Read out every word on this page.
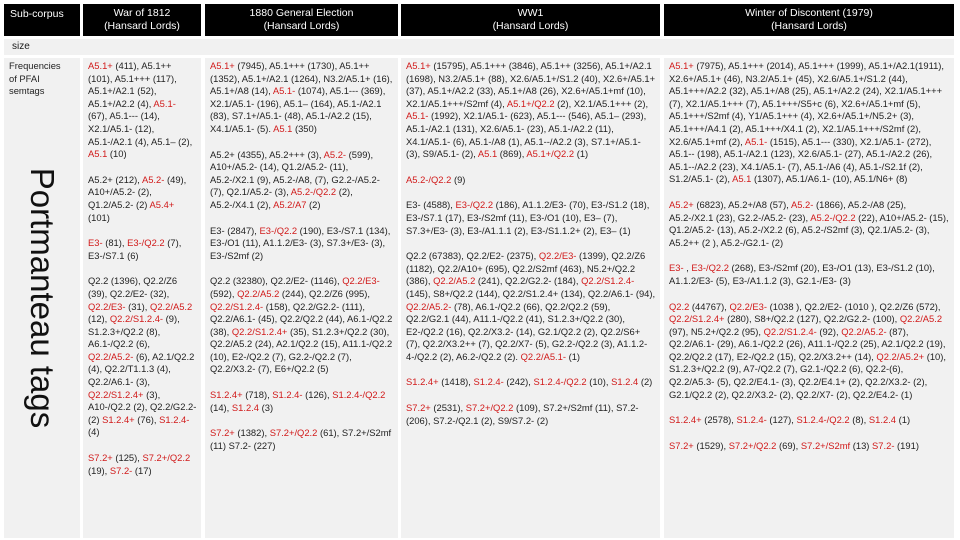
Sub-corpus	War of 1812
(Hansard Lords)
1880 General Election
(Hansard Lords)
WW1
(Hansard Lords)
Winter of Discontent (1979)
(Hansard Lords)
size
Frequencies of PFAI semtags
Portmanteau tags
A5.1+ (411), A5.1++ (101), A5.1+++ (117), A5.1+/A2.1 (52), A5.1+/A2.2 (4), A5.1- (67), A5.1--- (14), X2.1/A5.1- (12), A5.1-/A2.1 (4), A5.1– (2), A5.1 (10)
A5.2+ (212), A5.2- (49), A10+/A5.2- (2), Q1.2/A5.2- (2) A5.4+ (101)
E3- (81), E3-/Q2.2 (7), E3-/S7.1 (6)
Q2.2 (1396), Q2.2/Z6 (39), Q2.2/E2- (32), Q2.2/E3- (31), Q2.2/A5.2 (12), Q2.2/S1.2.4- (9), S1.2.3+/Q2.2 (8), A6.1-/Q2.2 (6), Q2.2/A5.2- (6), A2.1/Q2.2 (4), Q2.2/T1.1.3 (4), Q2.2/A6.1- (3), Q2.2/S1.2.4+ (3), A10-/Q2.2 (2), Q2.2/G2.2- (2) S1.2.4+ (76), S1.2.4- (4)
S7.2+ (125), S7.2+/Q2.2 (19), S7.2- (17)
A5.1+ (7945), A5.1+++ (1730), A5.1++ (1352), A5.1+/A2.1 (1264), N3.2/A5.1+ (16), A5.1+/A8 (14), A5.1- (1074), A5.1--- (369), X2.1/A5.1- (196), A5.1– (164), A5.1-/A2.1 (83), S7.1+/A5.1- (48), A5.1-/A2.2 (15), X4.1/A5.1- (5). A5.1 (350)
A5.2+ (4355), A5.2+++ (3), A5.2- (599), A10+/A5.2- (14), Q1.2/A5.2- (11), A5.2-/X2.1 (9), A5.2-/A8, (7), G2.2-/A5.2- (7), Q2.1/A5.2- (3), A5.2-/Q2.2 (2), A5.2-/X4.1 (2), A5.2/A7 (2)
E3- (2847), E3-/Q2.2 (190), E3-/S7.1 (134), E3-/O1 (11), A1.1.2/E3- (3), S7.3+/E3- (3), E3-/S2mf (2)
Q2.2 (32380), Q2.2/E2- (1146), Q2.2/E3- (592), Q2.2/A5.2 (244), Q2.2/Z6 (995), Q2.2/S1.2.4- (158), Q2.2/G2.2- (111), Q2.2/A6.1- (45), Q2.2/Q2.2 (44), A6.1-/Q2.2 (38), Q2.2/S1.2.4+ (35), S1.2.3+/Q2.2 (30), Q2.2/A5.2 (24), A2.1/Q2.2 (15), A11.1-/Q2.2 (10), E2-/Q2.2 (7), G2.2-/Q2.2 (7), Q2.2/X3.2- (7), E6+/Q2.2 (5)
S1.2.4+ (718), S1.2.4- (126), S1.2.4-/Q2.2 (14), S1.2.4 (3)
S7.2+ (1382), S7.2+/Q2.2 (61), S7.2+/S2mf (11) S7.2- (227)
A5.1+ (15795), A5.1+++ (3846), A5.1++ (3256), A5.1+/A2.1 (1698), N3.2/A5.1+ (88), X2.6/A5.1+/S1.2 (40), X2.6+/A5.1+ (37), A5.1+/A2.2 (33), A5.1+/A8 (26), X2.6+/A5.1+mf (10), X2.1/A5.1+++/S2mf (4), A5.1+/Q2.2 (2), X2.1/A5.1+++ (2), A5.1- (1992), X2.1/A5.1- (623), A5.1--- (546), A5.1– (293), A5.1-/A2.1 (131), X2.6/A5.1- (23), A5.1-/A2.2 (11), X4.1/A5.1- (6), A5.1-/A8 (1), A5.1--/A2.2 (3), S7.1+/A5.1- (3), S9/A5.1- (2), A5.1 (869), A5.1+/Q2.2 (1)
A5.2-/Q2.2 (9)
E3- (4588), E3-/Q2.2 (186), A1.1.2/E3- (70), E3-/S1.2 (18), E3-/S7.1 (17), E3-/S2mf (11), E3-/O1 (10), E3– (7), S7.3+/E3- (3), E3-/A1.1.1 (2), E3-/S1.1.2+ (2), E3– (1)
Q2.2 (67383), Q2.2/E2- (2375), Q2.2/E3- (1399), Q2.2/Z6 (1182), Q2.2/A10+ (695), Q2.2/S2mf (463), N5.2+/Q2.2 (386), Q2.2/A5.2 (241), Q2.2/G2.2- (184), Q2.2/S1.2.4- (145), S8+/Q2.2 (144), Q2.2/S1.2.4+ (134), Q2.2/A6.1- (94), Q2.2/A5.2- (78), A6.1-/Q2.2 (66), Q2.2/Q2.2 (59), Q2.2/G2.1 (44), A11.1-/Q2.2 (41), S1.2.3+/Q2.2 (30), E2-/Q2.2 (16), Q2.2/X3.2- (14), G2.1/Q2.2 (2), Q2.2/S6+ (7), Q2.2/X3.2++ (7), Q2.2/X7- (5), G2.2-/Q2.2 (3), A1.1.2-4-/Q2.2 (2), A6.2-/Q2.2 (2). Q2.2/A5.1- (1)
S1.2.4+ (1418), S1.2.4- (242), S1.2.4-/Q2.2 (10), S1.2.4 (2)
S7.2+ (2531), S7.2+/Q2.2 (109), S7.2+/S2mf (11), S7.2- (206), S7.2-/Q2.1 (2), S9/S7.2- (2)
A5.1+ (7975), A5.1+++ (2014), A5.1+++ (1999), A5.1+/A2.1(1911), X2.6+/A5.1+ (46), N3.2/A5.1+ (45), X2.6/A5.1+/S1.2 (44), A5.1+++/A2.2 (32), A5.1+/A8 (25), A5.1+/A2.2 (24), X2.1/A5.1+++ (7), X2.1/A5.1+++ (7), A5.1+++/S5+c (6), X2.6+/A5.1+mf (5), A5.1+++/S2mf (4), Y1/A5.1+++ (4), X2.6+/A5.1+/N5.2+ (3), A5.1+++/A4.1 (2), A5.1+++/X4.1 (2), X2.1/A5.1+++/S2mf (2), X2.6/A5.1+mf (2), A5.1- (1515), A5.1--- (330), X2.1/A5.1- (272), A5.1-- (198), A5.1-/A2.1 (123), X2.6/A5.1- (27), A5.1-/A2.2 (26), A5.1--/A2.2 (23), X4.1/A5.1- (7), A5.1-/A6 (4), A5.1-/S2.1f (2), S1.2/A5.1- (2), A5.1 (1307), A5.1/A6.1- (10), A5.1/N6+ (8)
A5.2+ (6823), A5.2+/A8 (57), A5.2- (1866), A5.2-/A8 (25), A5.2-/X2.1 (23), G2.2-/A5.2- (23), A5.2-/Q2.2 (22), A10+/A5.2- (15), Q1.2/A5.2- (13), A5.2-/X2.2 (6), A5.2-/S2mf (3), Q2.1/A5.2- (3), A5.2++ (2 ), A5.2-/G2.1- (2)
E3- , E3-/Q2.2 (268), E3-/S2mf (20), E3-/O1 (13), E3-/S1.2 (10), A1.1.2/E3- (5), E3-/A1.1.2 (3), G2.1-/E3- (3)
Q2.2 (44767), Q2.2/E3- (1038 ), Q2.2/E2- (1010 ), Q2.2/Z6 (572), Q2.2/S1.2.4+ (280), S8+/Q2.2 (127), Q2.2/G2.2- (100), Q2.2/A5.2 (97), N5.2+/Q2.2 (95), Q2.2/S1.2.4- (92), Q2.2/A5.2- (87), Q2.2/A6.1- (29), A6.1-/Q2.2 (26), A11.1-/Q2.2 (25), A2.1/Q2.2 (19), Q2.2/Q2.2 (17), E2-/Q2.2 (15), Q2.2/X3.2++ (14), Q2.2/A5.2+ (10), S1.2.3+/Q2.2 (9), A7-/Q2.2 (7), G2.1-/Q2.2 (6), Q2.2-(6), Q2.2/A5.3- (5), Q2.2/E4.1- (3), Q2.2/E4.1+ (2), Q2.2/X3.2- (2), G2.1/Q2.2 (2), Q2.2/X3.2- (2), Q2.2/X7- (2), Q2.2/E4.2- (1)
S1.2.4+ (2578), S1.2.4- (127), S1.2.4-/Q2.2 (8), S1.2.4 (1)
S7.2+ (1529), S7.2+/Q2.2 (69), S7.2+/S2mf (13) S7.2- (191)
